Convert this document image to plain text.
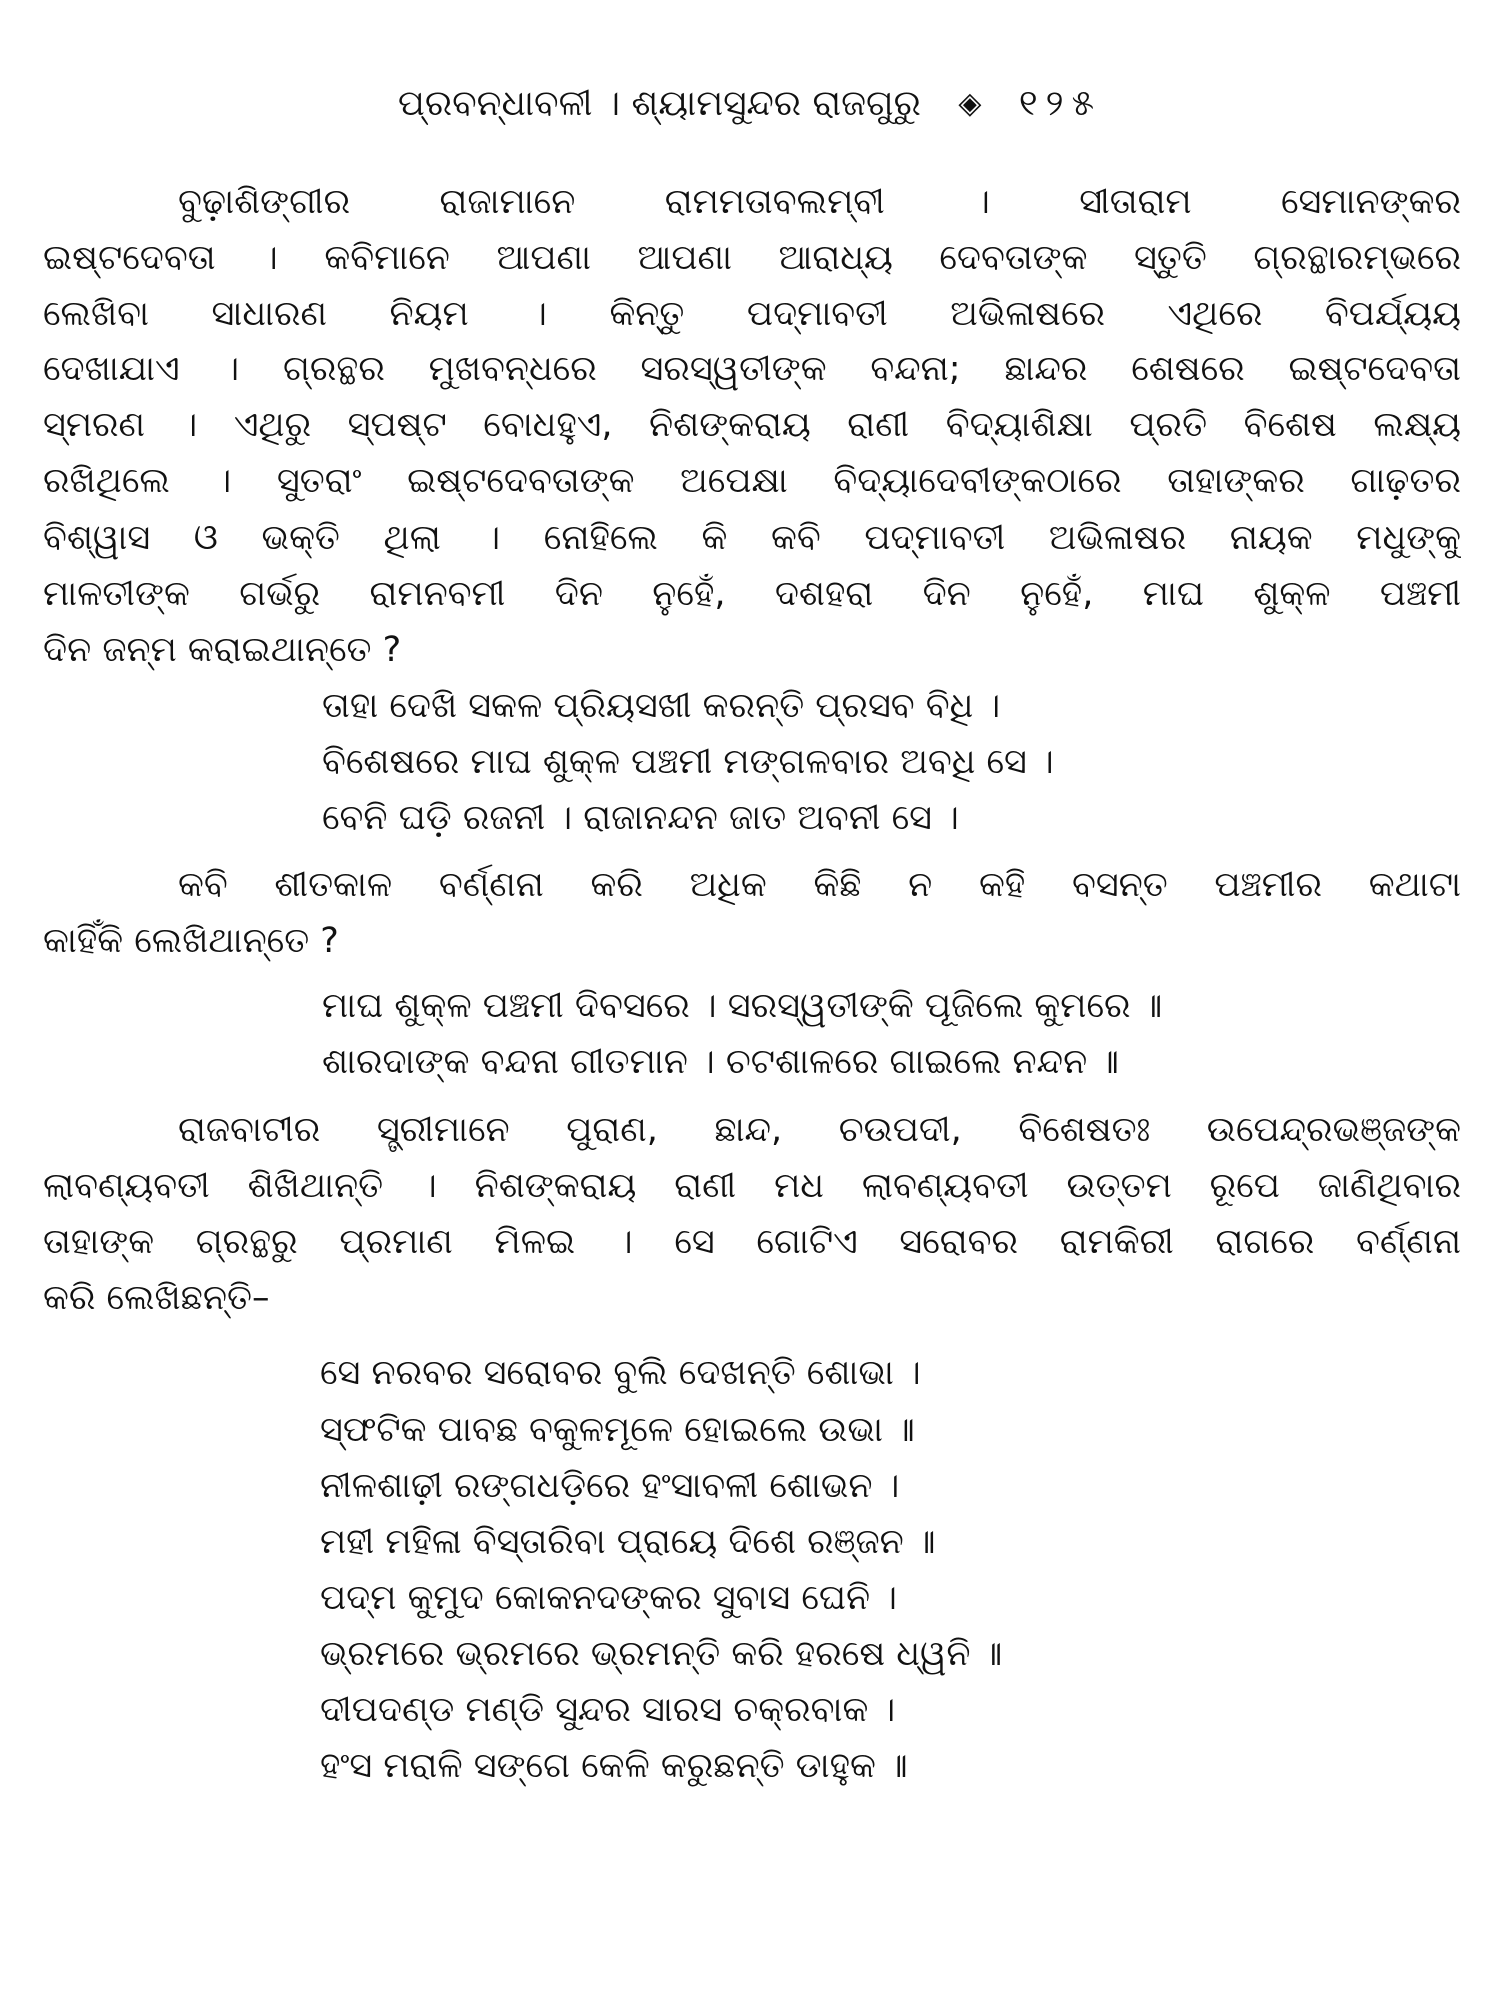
ପ୍ରବନ୍ଧାବଳୀ । ଶ୍ୟାମସୁନ୍ଦର ରାଜଗୁରୁ ◈ ୧୨୫
ବୁଢ଼ାଶିଙ୍ଗୀର ରାଜାମାନେ ରାମମତାବଲମ୍ବୀ । ସୀତାରାମ ସେମାନଙ୍କର
ଇଷ୍ଟଦେବତା । କବିମାନେ ଆପଣା ଆପଣା ଆରାଧ୍ୟ ଦେବତାଙ୍କ ସ୍ତୁତି ଗ୍ରନ୍ଥାରମ୍ଭରେ
ଲେଖିବା ସାଧାରଣ ନିୟମ । କିନ୍ତୁ ପଦ୍ମାବତୀ ଅଭିଳାଷରେ ଏଥିରେ ବିପର୍ଯ୍ୟୟ
ଦେଖାଯାଏ । ଗ୍ରନ୍ଥର ମୁଖବନ୍ଧରେ ସରସ୍ୱତୀଙ୍କ ବନ୍ଦନା; ଛାନ୍ଦର ଶେଷରେ ଇଷ୍ଟଦେବତା
ସ୍ମରଣ । ଏଥିରୁ ସ୍ପଷ୍ଟ ବୋଧହୁଏ, ନିଶଙ୍କରାୟ ରାଣୀ ବିଦ୍ୟାଶିକ୍ଷା ପ୍ରତି ବିଶେଷ ଲକ୍ଷ୍ୟ
ରଖିଥିଲେ । ସୁତରାଂ ଇଷ୍ଟଦେବତାଙ୍କ ଅପେକ୍ଷା ବିଦ୍ୟାଦେବୀଙ୍କଠାରେ ତାହାଙ୍କର ଗାଢ଼ତର
ବିଶ୍ୱାସ ଓ ଭକ୍ତି ଥିଲା । ନୋହିଲେ କି କବି ପଦ୍ମାବତୀ ଅଭିଳାଷର ନାୟକ ମଧୁଙ୍କୁ
ମାଳତୀଙ୍କ ଗର୍ଭରୁ ରାମନବମୀ ଦିନ ନୁହେଁ, ଦଶହରା ଦିନ ନୁହେଁ, ମାଘ ଶୁକ୍ଳ ପଞ୍ଚମୀ
ଦିନ ଜନ୍ମ କରାଇଥାନ୍ତେ ?
ତାହା ଦେଖି ସକଳ ପ୍ରିୟସଖୀ କରନ୍ତି ପ୍ରସବ ବିଧି ।
ବିଶେଷରେ ମାଘ ଶୁକ୍ଳ ପଞ୍ଚମୀ ମଙ୍ଗଳବାର ଅବଧି ସେ ।
ବେନି ଘଡ଼ି ରଜନୀ । ରାଜାନନ୍ଦନ ଜାତ ଅବନୀ ସେ ।
କବି ଶୀତକାଳ ବର୍ଣ୍ଣନା କରି ଅଧିକ କିଛି ନ କହି ବସନ୍ତ ପଞ୍ଚମୀର କଥାଟା
କାହିଁକି ଲେଖିଥାନ୍ତେ ?
ମାଘ ଶୁକ୍ଳ ପଞ୍ଚମୀ ଦିବସରେ । ସରସ୍ୱତୀଙ୍କି ପୂଜିଲେ କୁମରେ ॥
ଶାରଦାଙ୍କ ବନ୍ଦନା ଗୀତମାନ । ଚଟଶାଳରେ ଗାଇଲେ ନନ୍ଦନ ॥
ରାଜବାଟୀର ସ୍ତ୍ରୀମାନେ ପୁରାଣ, ଛାନ୍ଦ, ଚଉପଦୀ, ବିଶେଷତଃ ଉପେନ୍ଦ୍ରଭଞ୍ଜଙ୍କ
ଲାବଣ୍ୟବତୀ ଶିଖିଥାନ୍ତି । ନିଶଙ୍କରାୟ ରାଣୀ ମଧ ଲାବଣ୍ୟବତୀ ଉତ୍ତମ ରୂପେ ଜାଣିଥିବାର
ତାହାଙ୍କ ଗ୍ରନ୍ଥରୁ ପ୍ରମାଣ ମିଳଇ । ସେ ଗୋଟିଏ ସରୋବର ରାମକିରୀ ରାଗରେ ବର୍ଣ୍ଣନା
କରି ଲେଖିଛନ୍ତି–
ସେ ନରବର ସରୋବର ବୁଲି ଦେଖନ୍ତି ଶୋଭା ।
ସ୍ଫଟିକ ପାବଛ ବକୁଳମୂଳେ ହୋଇଲେ ଉଭା ॥
ନୀଳଶାଢ଼ୀ ରଙ୍ଗଧଡ଼ିରେ ହଂସାବଳୀ ଶୋଭନ ।
ମହୀ ମହିଳା ବିସ୍ତାରିବା ପ୍ରାୟେ ଦିଶେ ରଞ୍ଜନ ॥
ପଦ୍ମ କୁମୁଦ କୋକନଦଙ୍କର ସୁବାସ ଘେନି ।
ଭ୍ରମରେ ଭ୍ରମରେ ଭ୍ରମନ୍ତି କରି ହରଷେ ଧ୍ୱନି ॥
ଦୀପଦଣ୍ଡ ମଣ୍ଡି ସୁନ୍ଦର ସାରସ ଚକ୍ରବାକ ।
ହଂସ ମରାଳି ସଙ୍ଗେ କେଳି କରୁଛନ୍ତି ଡାହୁକ ॥
